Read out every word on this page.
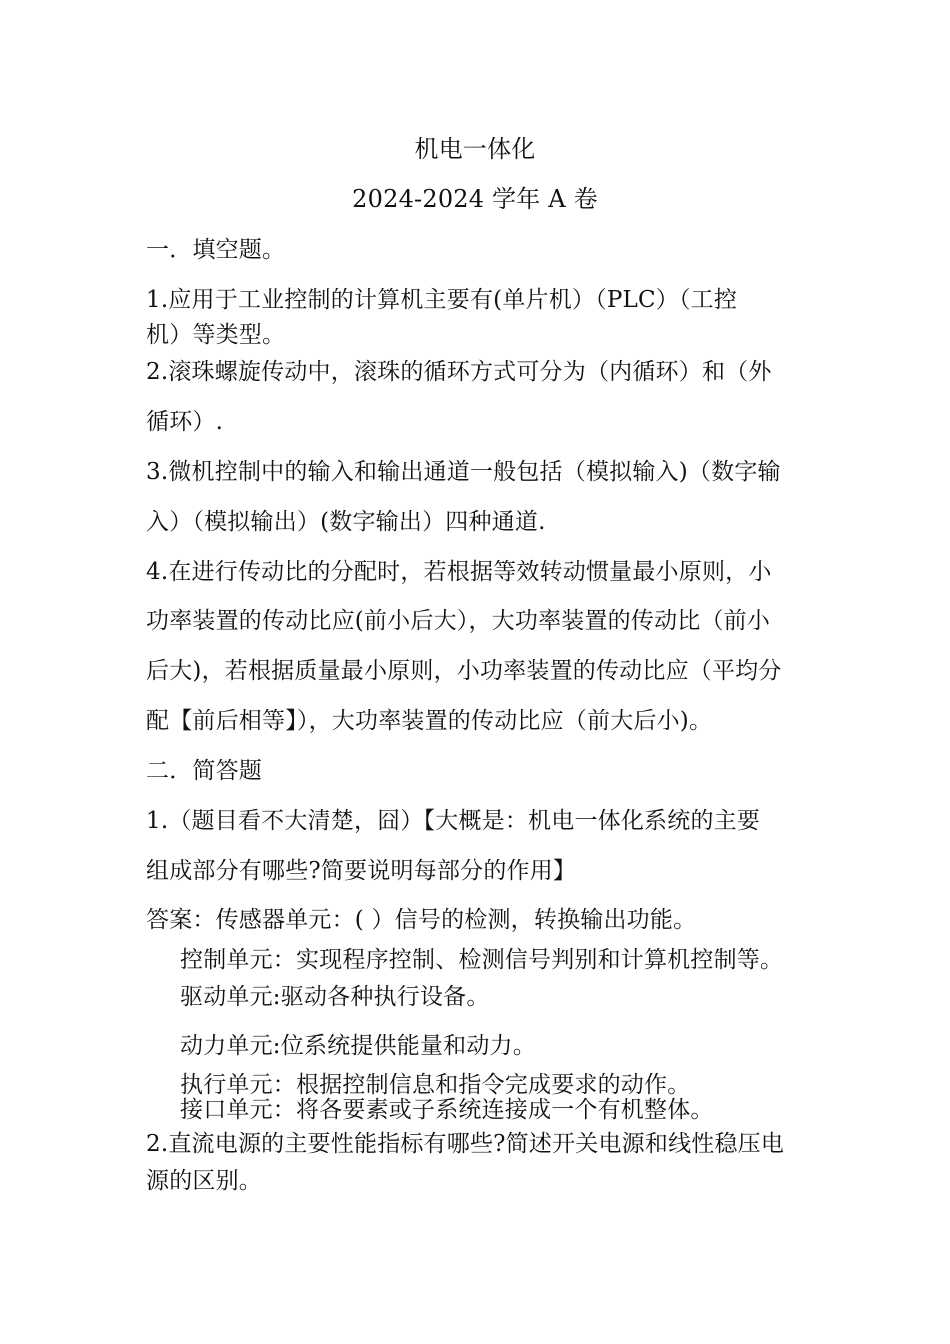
机电一体化
2024-2024 学年 A 卷
一．填空题。
1.应用于工业控制的计算机主要有(单片机）（PLC）（工控
机）等类型。
2.滚珠螺旋传动中，滚珠的循环方式可分为（内循环）和（外
循环）.
3.微机控制中的输入和输出通道一般包括（模拟输入)（数字输
入）（模拟输出）(数字输出）四种通道.
4.在进行传动比的分配时，若根据等效转动惯量最小原则，小
功率装置的传动比应(前小后大），大功率装置的传动比（前小
后大)，若根据质量最小原则，小功率装置的传动比应（平均分
配【前后相等】），大功率装置的传动比应（前大后小)。
二．简答题
1.（题目看不大清楚，囧）【大概是：机电一体化系统的主要
组成部分有哪些?简要说明每部分的作用】
答案：传感器单元：( ）信号的检测，转换输出功能。
控制单元：实现程序控制、检测信号判别和计算机控制等。
驱动单元:驱动各种执行设备。
动力单元:位系统提供能量和动力。
执行单元：根据控制信息和指令完成要求的动作。
接口单元：将各要素或子系统连接成一个有机整体。
2.直流电源的主要性能指标有哪些?简述开关电源和线性稳压电
源的区别。
